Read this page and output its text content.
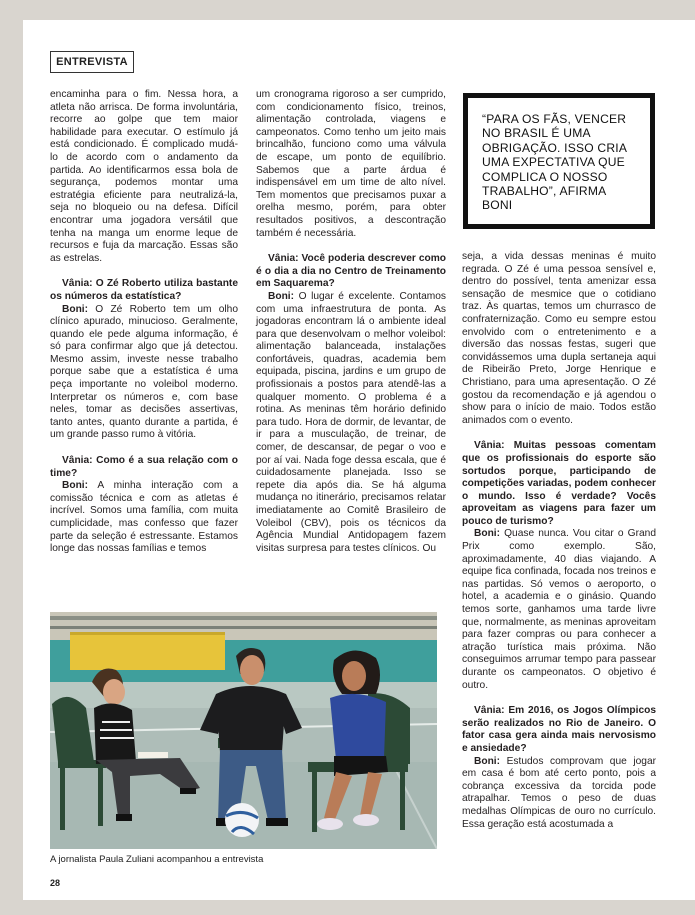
ENTREVISTA

encaminha para o fim. Nessa hora, a atleta não arrisca. De forma involuntária, recorre ao golpe que tem maior habilidade para executar. O estímulo já está condicionado. É complicado mudá-lo de acordo com o andamento da partida. Ao identificarmos essa bola de segurança, podemos montar uma estratégia eficiente para neutralizá-la, seja no bloqueio ou na defesa. Difícil encontrar uma jogadora versátil que tenha na manga um enorme leque de recursos e fuja da marcação. Essas são as estrelas.

Vânia: O Zé Roberto utiliza bastante os números da estatística?

Boni: O Zé Roberto tem um olho clínico apurado, minucioso. Geralmente, quando ele pede alguma informação, é só para confirmar algo que já detectou. Mesmo assim, investe nesse trabalho porque sabe que a estatística é uma peça importante no voleibol moderno. Interpretar os números e, com base neles, tomar as decisões assertivas, tanto antes, quanto durante a partida, é um grande passo rumo à vitória.

Vânia: Como é a sua relação com o time?

Boni: A minha interação com a comissão técnica e com as atletas é incrível. Somos uma família, com muita cumplicidade, mas confesso que fazer parte da seleção é estressante. Estamos longe das nossas famílias e temos

um cronograma rigoroso a ser cumprido, com condicionamento físico, treinos, alimentação controlada, viagens e campeonatos. Como tenho um jeito mais brincalhão, funciono como uma válvula de escape, um ponto de equilíbrio. Sabemos que a parte árdua é indispensável em um time de alto nível. Tem momentos que precisamos puxar a orelha mesmo, porém, para obter resultados positivos, a descontração também é necessária.

Vânia: Você poderia descrever como é o dia a dia no Centro de Treinamento em Saquarema?

Boni: O lugar é excelente. Contamos com uma infraestrutura de ponta. As jogadoras encontram lá o ambiente ideal para que desenvolvam o melhor voleibol: alimentação balanceada, instalações confortáveis, quadras, academia bem equipada, piscina, jardins e um grupo de profissionais a postos para atendê-las a qualquer momento. O problema é a rotina. As meninas têm horário definido para tudo. Hora de dormir, de levantar, de ir para a musculação, de treinar, de comer, de descansar, de pegar o voo e por aí vai. Nada foge dessa escala, que é cuidadosamente planejada. Isso se repete dia após dia. Se há alguma mudança no itinerário, precisamos relatar imediatamente ao Comitê Brasileiro de Voleibol (CBV), pois os técnicos da Agência Mundial Antidopagem fazem visitas surpresa para testes clínicos. Ou

“PARA OS FÃS, VENCER NO BRASIL É UMA OBRIGAÇÃO. ISSO CRIA UMA EXPECTATIVA QUE COMPLICA O NOSSO TRABALHO”, AFIRMA BONI

seja, a vida dessas meninas é muito regrada. O Zé é uma pessoa sensível e, dentro do possível, tenta amenizar essa sensação de mesmice que o cotidiano traz. Às quartas, temos um churrasco de confraternização. Como eu sempre estou envolvido com o entretenimento e a diversão das nossas festas, sugeri que convidássemos uma dupla sertaneja aqui de Ribeirão Preto, Jorge Henrique e Christiano, para uma apresentação. O Zé gostou da recomendação e já agendou o show para o início de maio. Todos estão animados com o evento.

Vânia: Muitas pessoas comentam que os profissionais do esporte são sortudos porque, participando de competições variadas, podem conhecer o mundo. Isso é verdade? Vocês aproveitam as viagens para fazer um pouco de turismo?

Boni: Quase nunca. Vou citar o Grand Prix como exemplo. São, aproximadamente, 40 dias viajando. A equipe fica confinada, focada nos treinos e nas partidas. Só vemos o aeroporto, o hotel, a academia e o ginásio. Quando temos sorte, ganhamos uma tarde livre que, normalmente, as meninas aproveitam para fazer compras ou para conhecer a atração turística mais próxima. Não conseguimos arrumar tempo para passear durante os campeonatos. O objetivo é outro.

Vânia: Em 2016, os Jogos Olímpicos serão realizados no Rio de Janeiro. O fator casa gera ainda mais nervosismo e ansiedade?

Boni: Estudos comprovam que jogar em casa é bom até certo ponto, pois a cobrança excessiva da torcida pode atrapalhar. Temos o peso de duas medalhas Olímpicas de ouro no currículo. Essa geração está acostumada a

A jornalista Paula Zuliani acompanhou a entrevista
28
